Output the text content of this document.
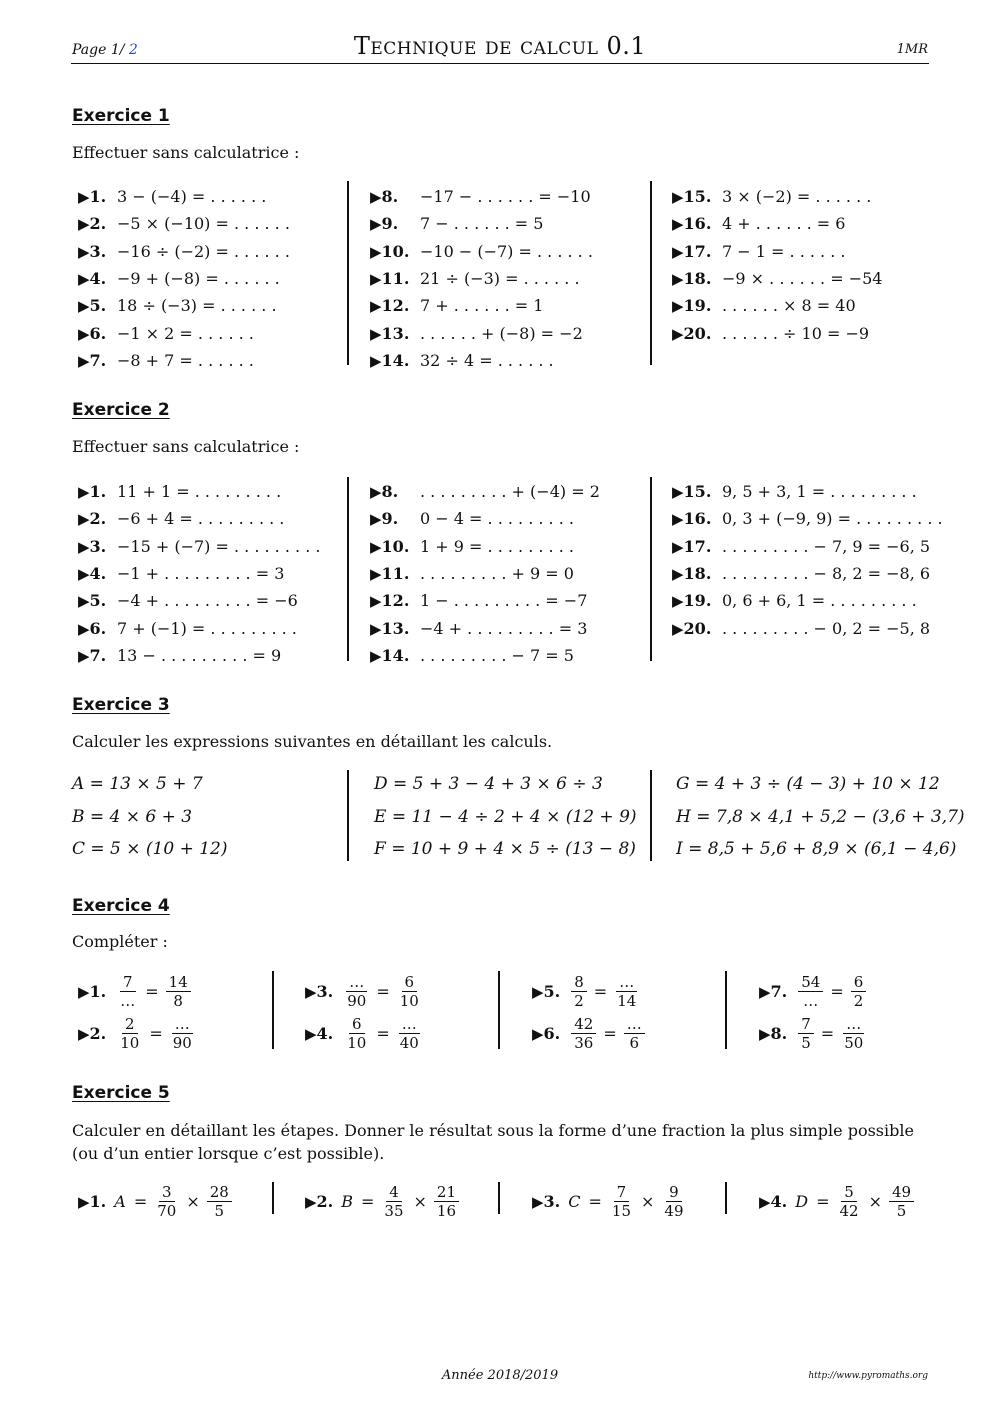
Page 1/ 2	Technique de calcul 0.1	1MR
Exercice 1
Effectuer sans calculatrice :
Exercice 2
Effectuer sans calculatrice :
Exercice 3
Calculer les expressions suivantes en détaillant les calculs.
Exercice 4
Compléter :
Exercice 5
Calculer en détaillant les étapes. Donner le résultat sous la forme d’une fraction la plus simple possible (ou d’un entier lorsque c’est possible).
▶1. 3 − (−4) = . . . . . .
▶2. −5 × (−10) = . . . . . .
▶3. −16 ÷ (−2) = . . . . . .
▶4. −9 + (−8) = . . . . . .
▶5. 18 ÷ (−3) = . . . . . .
▶6. −1 × 2 = . . . . . .
▶7. −8 + 7 = . . . . . .
▶8. −17 − . . . . . . = −10
▶9. 7 − . . . . . . = 5
▶10. −10 − (−7) = . . . . . .
▶11. 21 ÷ (−3) = . . . . . .
▶12. 7 + . . . . . . = 1
▶13. . . . . . . + (−8) = −2
▶14. 32 ÷ 4 = . . . . . .
▶15. 3 × (−2) = . . . . . .
▶16. 4 + . . . . . . = 6
▶17. 7 − 1 = . . . . . .
▶18. −9 × . . . . . . = −54
▶19. . . . . . . × 8 = 40
▶20. . . . . . . ÷ 10 = −9
▶1. 11 + 1 = . . . . . . . . .
▶2. −6 + 4 = . . . . . . . . .
▶3. −15 + (−7) = . . . . . . . . .
▶4. −1 + . . . . . . . . . = 3
▶5. −4 + . . . . . . . . . = −6
▶6. 7 + (−1) = . . . . . . . . .
▶7. 13 − . . . . . . . . . = 9
▶8. . . . . . . . . . + (−4) = 2
▶9. 0 − 4 = . . . . . . . . .
▶10. 1 + 9 = . . . . . . . . .
▶11. . . . . . . . . . + 9 = 0
▶12. 1 − . . . . . . . . . = −7
▶13. −4 + . . . . . . . . . = 3
▶14. . . . . . . . . . − 7 = 5
▶15. 9, 5 + 3, 1 = . . . . . . . . .
▶16. 0, 3 + (−9, 9) = . . . . . . . . .
▶17. . . . . . . . . . − 7, 9 = −6, 5
▶18. . . . . . . . . . − 8, 2 = −8, 6
▶19. 0, 6 + 6, 1 = . . . . . . . . .
▶20. . . . . . . . . . − 0, 2 = −5, 8
A = 13 × 5 + 7
B = 4 × 6 + 3
C = 5 × (10 + 12)
D = 5 + 3 − 4 + 3 × 6 ÷ 3
E = 11 − 4 ÷ 2 + 4 × (12 + 9)
F = 10 + 9 + 4 × 5 ÷ (13 − 8)
G = 4 + 3 ÷ (4 − 3) + 10 × 12
H = 7,8 × 4,1 + 5,2 − (3,6 + 3,7)
I = 8,5 + 5,6 + 8,9 × (6,1 − 4,6)
▶1. $\frac{7}{\dots} = \frac{14}{8}$
▶2. $\frac{2}{10} = \frac{\dots}{90}$
▶3. $\frac{\dots}{90} = \frac{6}{10}$
▶4. $\frac{6}{10} = \frac{\dots}{40}$
▶5. $\frac{8}{2} = \frac{\dots}{14}$
▶6. $\frac{42}{36} = \frac{\dots}{6}$
▶7. $\frac{54}{\dots} = \frac{6}{2}$
▶8. $\frac{7}{5} = \frac{\dots}{50}$
▶1. $A = \frac{3}{70} \times \frac{28}{5}$	▶2. $B = \frac{4}{35} \times \frac{21}{16}$	▶3. $C = \frac{7}{15} \times \frac{9}{49}$	▶4. $D = \frac{5}{42} \times \frac{49}{5}$
Année 2018/2019	http://www.pyromaths.org
